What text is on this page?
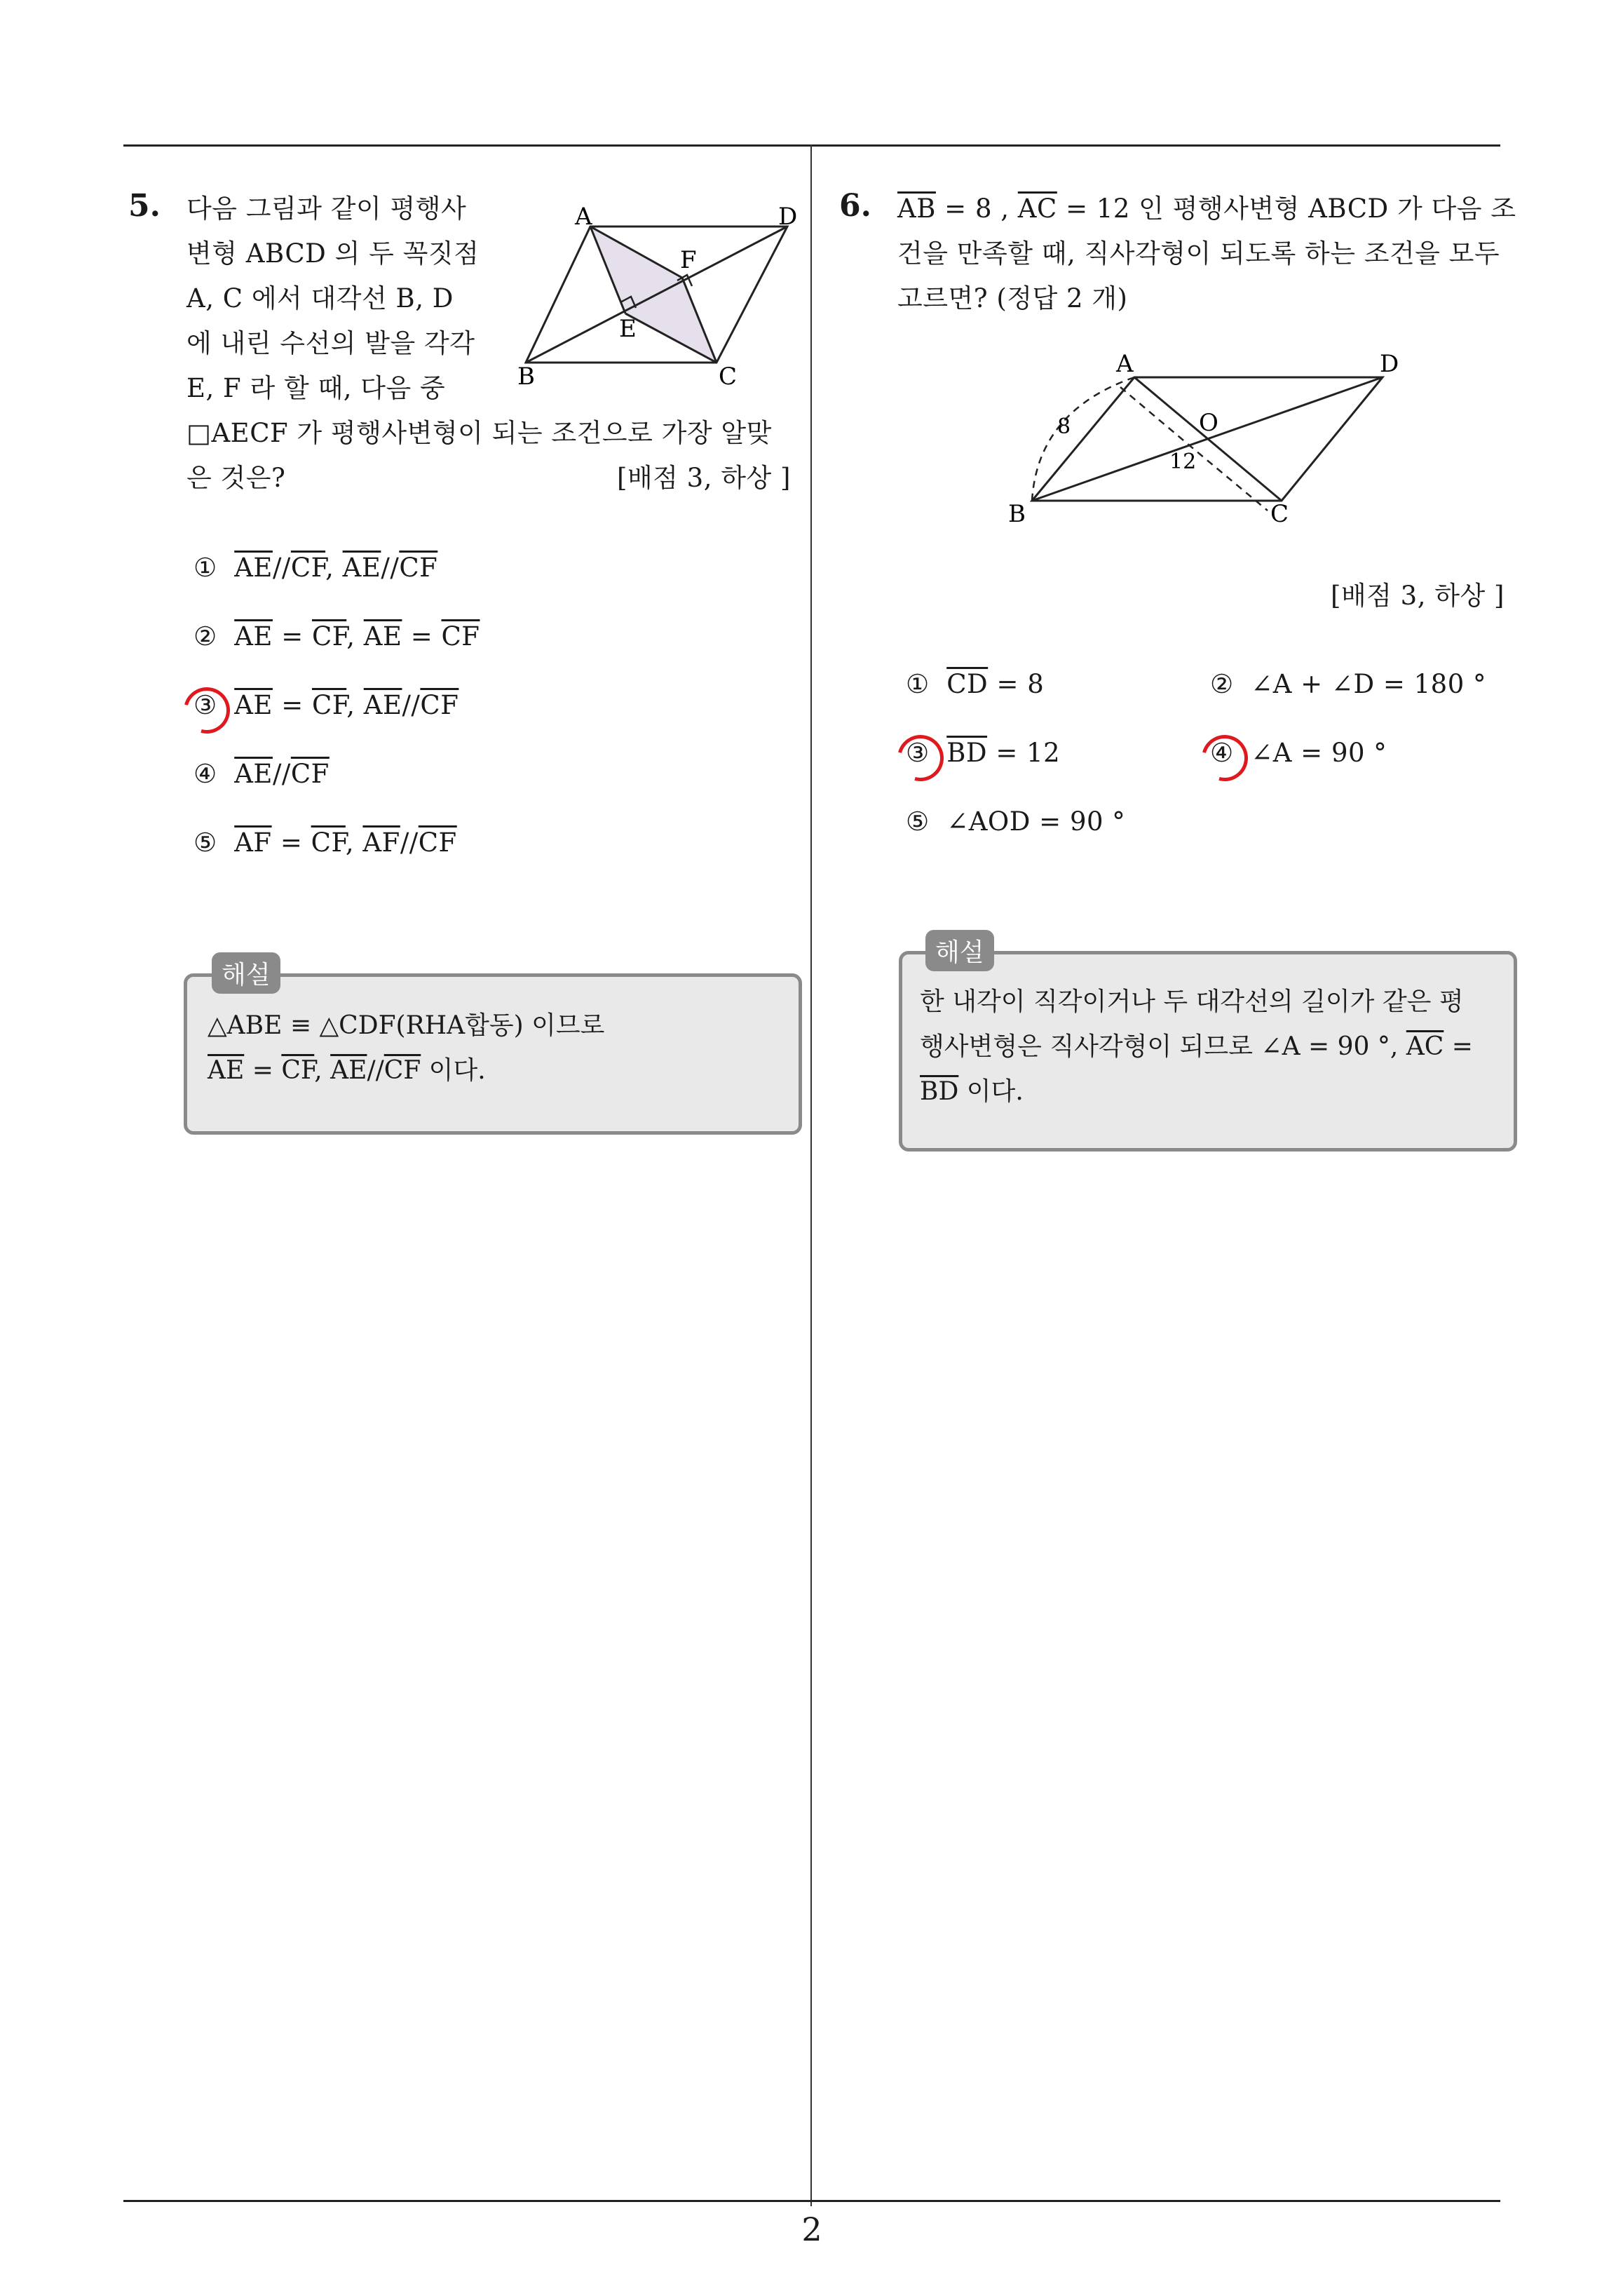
2
5. 다음 그림과 같이 평행사
변형 ABCD 의 두 꼭짓점
A, C 에서 대각선 B, D
에 내린 수선의 발을 각각
E, F 라 할 때, 다음 중
□AECF 가 평행사변형이 되는 조건으로 가장 알맞
은 것은?	[배점 3, 하상 ]
A	D
B	C
E
F
① $\overline{AE}//\overline{CF}$, $\overline{AE}//\overline{CF}$
② $\overline{AE} = \overline{CF}$, $\overline{AE} = \overline{CF}$
③ $\overline{AE} = \overline{CF}$, $\overline{AE}//\overline{CF}$
④ $\overline{AE}//\overline{CF}$
⑤ $\overline{AF} = \overline{CF}$, $\overline{AF}//\overline{CF}$
해설
△ABE ≡ △CDF(RHA합동) 이므로
$\overline{AE} = \overline{CF}$, $\overline{AE}//\overline{CF}$ 이다.
6. $\overline{AB} = 8$ , $\overline{AC} = 12$ 인 평행사변형 ABCD 가 다음 조
건을 만족할 때, 직사각형이 되도록 하는 조건을 모두
고르면? (정답 2 개)
A	D
B	C
O
8
12
[배점 3, 하상 ]
① $\overline{CD} = 8$	② ∠A + ∠D = 180 °
③ $\overline{BD} = 12$	④ ∠A = 90 °
⑤ ∠AOD = 90 °
해설
한 내각이 직각이거나 두 대각선의 길이가 같은 평
행사변형은 직사각형이 되므로 ∠A = 90 °, $\overline{AC}$ =
$\overline{BD}$ 이다.
